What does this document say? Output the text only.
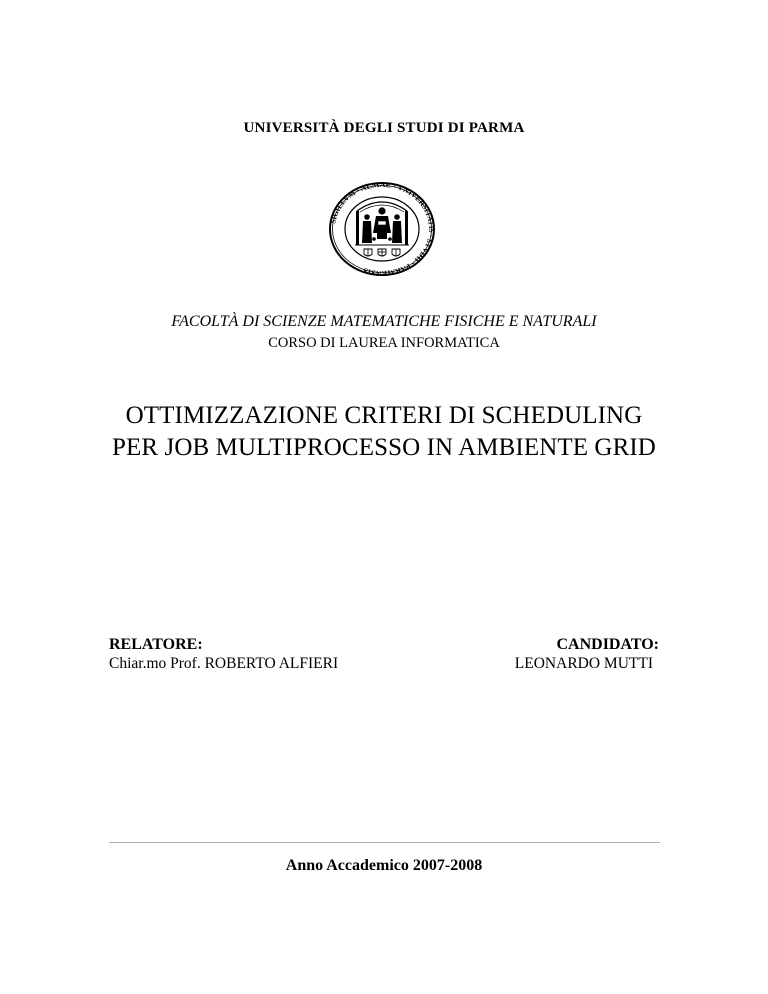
UNIVERSITÀ DEGLI STUDI DI PARMA
SIGILLVM · ALMAE · VNIVERSITATIS · STVDII · PARMENSIS
FACOLTÀ DI SCIENZE MATEMATICHE FISICHE E NATURALI
CORSO DI LAUREA INFORMATICA
OTTIMIZZAZIONE CRITERI DI SCHEDULING
PER JOB MULTIPROCESSO IN AMBIENTE GRID
RELATORE:
Chiar.mo Prof. ROBERTO ALFIERI
CANDIDATO:
LEONARDO MUTTI
Anno Accademico 2007-2008
